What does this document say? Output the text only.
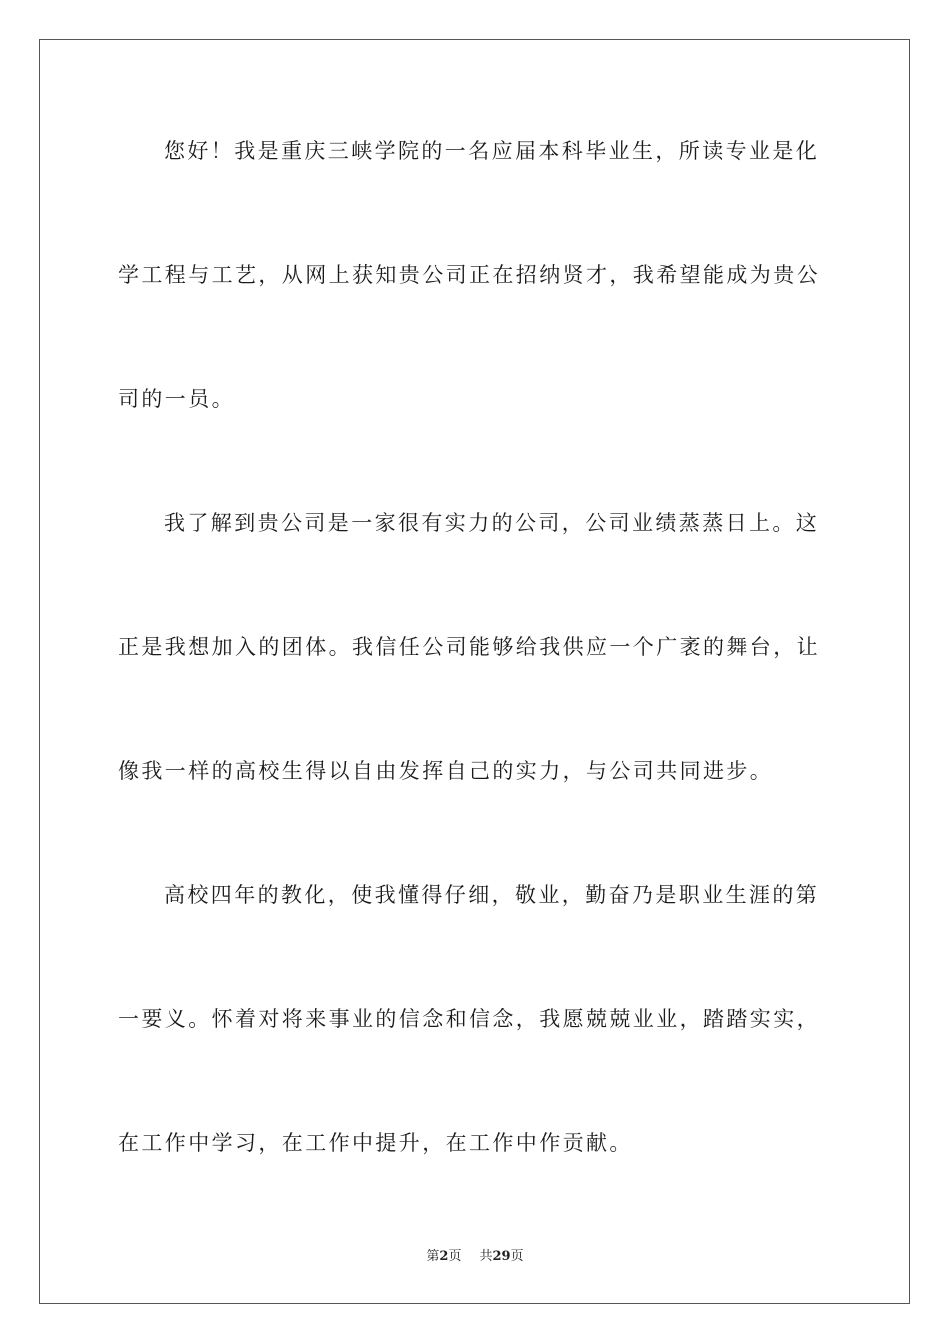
您好！我是重庆三峡学院的一名应届本科毕业生，所读专业是化
学工程与工艺，从网上获知贵公司正在招纳贤才，我希望能成为贵公
司的一员。
我了解到贵公司是一家很有实力的公司，公司业绩蒸蒸日上。这
正是我想加入的团体。我信任公司能够给我供应一个广袤的舞台，让
像我一样的高校生得以自由发挥自己的实力，与公司共同进步。
高校四年的教化，使我懂得仔细，敬业，勤奋乃是职业生涯的第
一要义。怀着对将来事业的信念和信念，我愿兢兢业业，踏踏实实，
在工作中学习，在工作中提升，在工作中作贡献。
第2页 共29页
